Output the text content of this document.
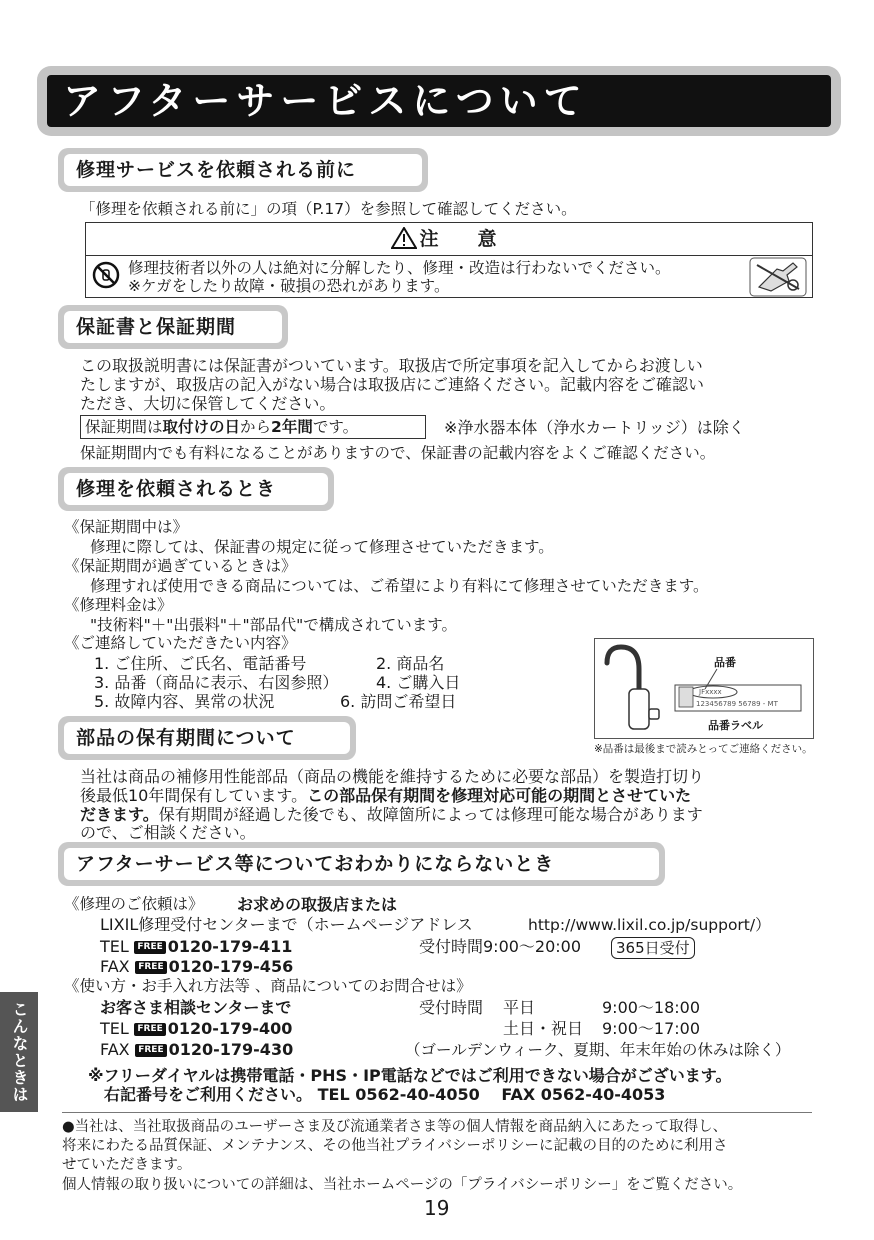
アフターサービスについて
修理サービスを依頼される前に
「修理を依頼される前に」の項（P.17）を参照して確認してください。
注　意
修理技術者以外の人は絶対に分解したり、修理・改造は行わないでください。
※ケガをしたり故障・破損の恐れがあります。
保証書と保証期間
この取扱説明書には保証書がついています。取扱店で所定事項を記入してからお渡しい
たしますが、取扱店の記入がない場合は取扱店にご連絡ください。記載内容をご確認い
ただき、大切に保管してください。
保証期間は取付けの日から2年間です。	※浄水器本体（浄水カートリッジ）は除く
保証期間内でも有料になることがありますので、保証書の記載内容をよくご確認ください。
修理を依頼されるとき
《保証期間中は》
修理に際しては、保証書の規定に従って修理させていただきます。
《保証期間が過ぎているときは》
修理すれば使用できる商品については、ご希望により有料にて修理させていただきます。
《修理料金は》
"技術料"＋"出張料"＋"部品代"で構成されています。
《ご連絡していただきたい内容》
1. ご住所、ご氏名、電話番号	2. 商品名
3. 品番（商品に表示、右図参照） 4. ご購入日
5. 故障内容、異常の状況	6. 訪問ご希望日
品番
JFxxxx
123456789 56789 - MT
品番ラベル
※品番は最後まで読みとってご連絡ください。
部品の保有期間について
当社は商品の補修用性能部品（商品の機能を維持するために必要な部品）を製造打切り
後最低10年間保有しています。この部品保有期間を修理対応可能の期間とさせていた
だきます。保有期間が経過した後でも、故障箇所によっては修理可能な場合があります
ので、ご相談ください。
アフターサービス等についておわかりにならないとき
《修理のご依頼は》 お求めの取扱店または
LIXIL修理受付センターまで（ホームページアドレス	http://www.lixil.co.jp/support/）
TEL FREE 0120-179-411	受付時間9:00〜20:00	365日受付
FAX FREE 0120-179-456
《使い方・お手入れ方法等 、商品についてのお問合せは》
お客さま相談センターまで	受付時間 平日	9:00〜18:00
TEL FREE 0120-179-400	土日・祝日 9:00〜17:00
FAX FREE 0120-179-430	（ゴールデンウィーク、夏期、年末年始の休みは除く）
※フリーダイヤルは携帯電話・PHS・IP電話などではご利用できない場合がございます。
右記番号をご利用ください。 TEL 0562-40-4050　 FAX 0562-40-4053
こんなときは
●当社は、当社取扱商品のユーザーさま及び流通業者さま等の個人情報を商品納入にあたって取得し、
将来にわたる品質保証、メンテナンス、その他当社プライバシーポリシーに記載の目的のために利用さ
せていただきます。
個人情報の取り扱いについての詳細は、当社ホームページの「プライバシーポリシー」をご覧ください。
19
